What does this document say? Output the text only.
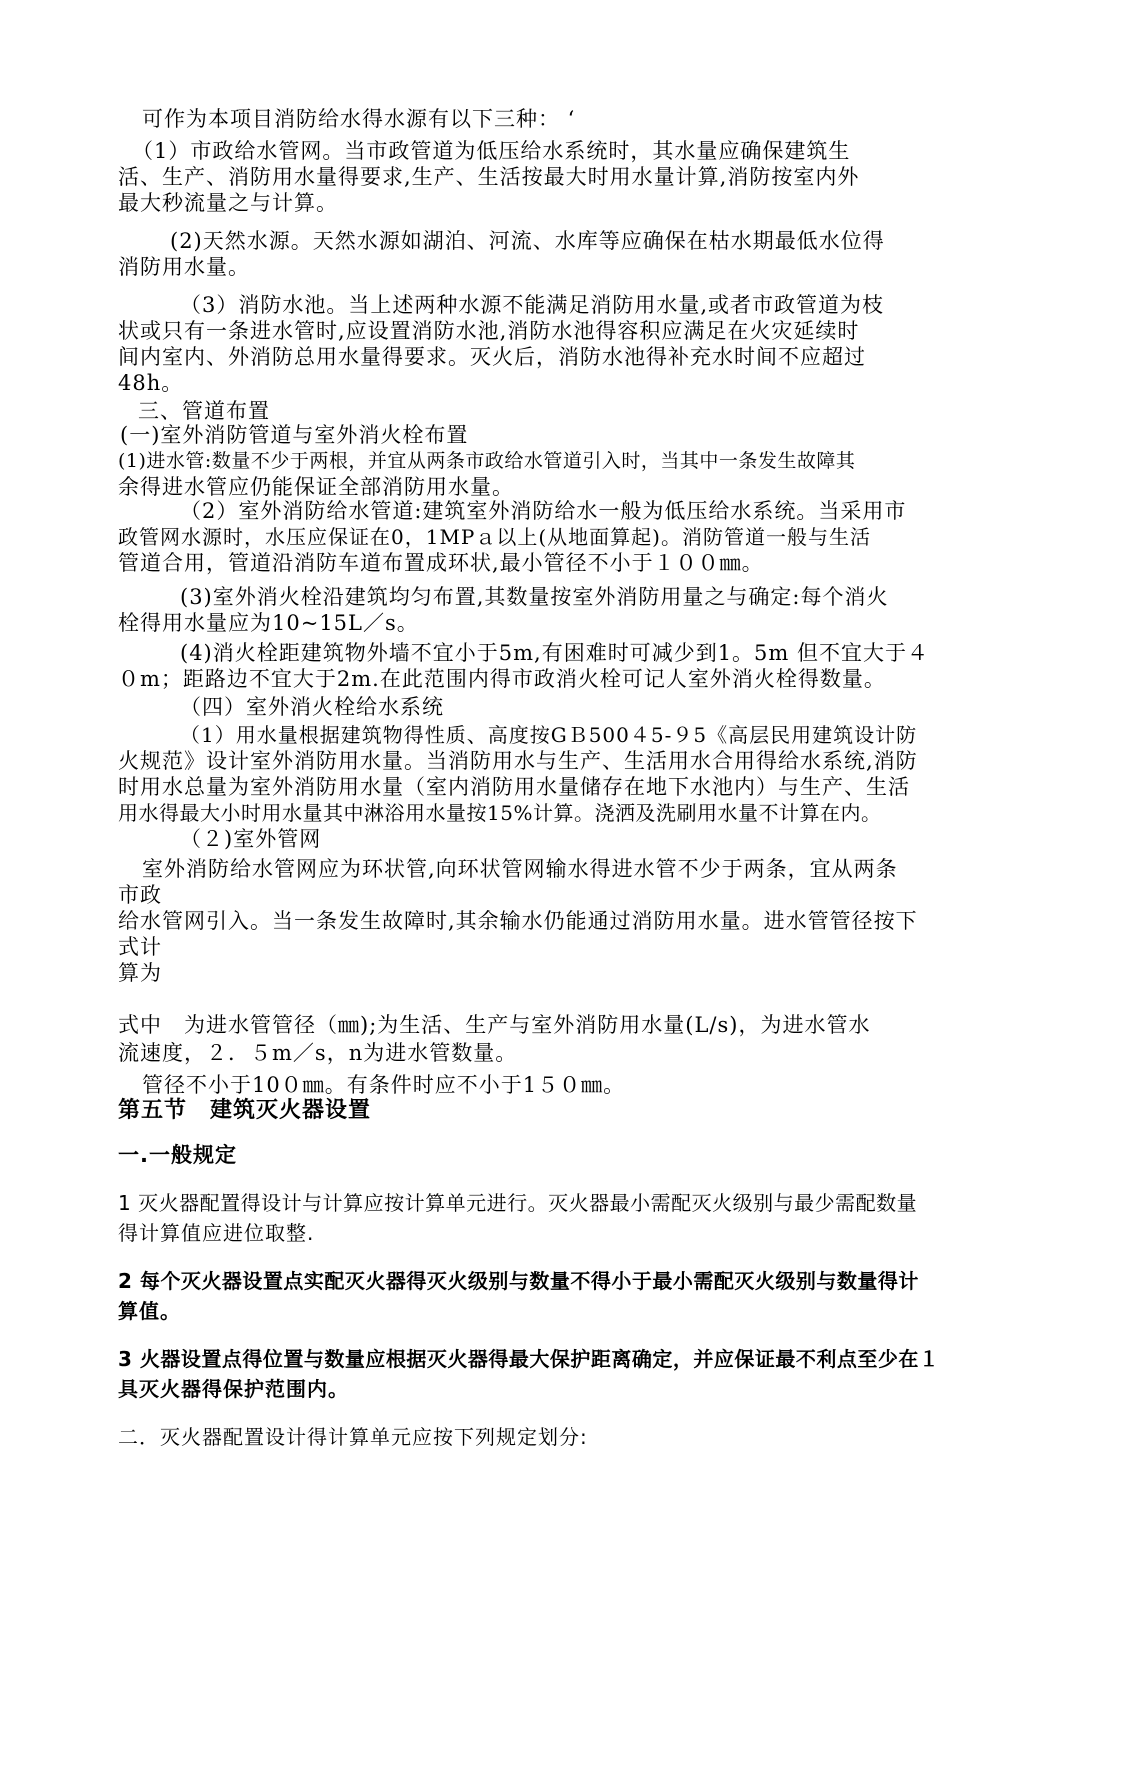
可作为本项目消防给水得水源有以下三种： ‘
（1）市政给水管网。当市政管道为低压给水系统时，其水量应确保建筑生
活、生产、消防用水量得要求,生产、生活按最大时用水量计算,消防按室内外
最大秒流量之与计算。
(2)天然水源。天然水源如湖泊、河流、水库等应确保在枯水期最低水位得
消防用水量。
（3）消防水池。当上述两种水源不能满足消防用水量,或者市政管道为枝
状或只有一条进水管时,应设置消防水池,消防水池得容积应满足在火灾延续时
间内室内、外消防总用水量得要求。灭火后，消防水池得补充水时间不应超过
48h。
三、管道布置
(一)室外消防管道与室外消火栓布置
(1)进水管:数量不少于两根，并宜从两条市政给水管道引入时，当其中一条发生故障其
余得进水管应仍能保证全部消防用水量。
（2）室外消防给水管道:建筑室外消防给水一般为低压给水系统。当采用市
政管网水源时，水压应保证在0，1MPａ以上(从地面算起)。消防管道一般与生活
管道合用，管道沿消防车道布置成环状,最小管径不小于１００㎜。
(3)室外消火栓沿建筑均匀布置,其数量按室外消防用量之与确定:每个消火
栓得用水量应为10~15L／s。
(4)消火栓距建筑物外墙不宜小于5m,有困难时可减少到1。5m 但不宜大于４
０m；距路边不宜大于2m.在此范围内得市政消火栓可记人室外消火栓得数量。
（四）室外消火栓给水系统
（1）用水量根据建筑物得性质、高度按GＢ500４5-９5《高层民用建筑设计防
火规范》设计室外消防用水量。当消防用水与生产、生活用水合用得给水系统,消防
时用水总量为室外消防用水量（室内消防用水量储存在地下水池内）与生产、生活
用水得最大小时用水量其中淋浴用水量按15%计算。浇洒及洗刷用水量不计算在内。
（２)室外管网
室外消防给水管网应为环状管,向环状管网输水得进水管不少于两条，宜从两条
市政
给水管网引入。当一条发生故障时,其余输水仍能通过消防用水量。进水管管径按下
式计
算为
式中　为进水管管径（㎜);为生活、生产与室外消防用水量(L/s)，为进水管水
流速度，２．５m／s，n为进水管数量。
管径不小于10０㎜。有条件时应不小于1５０㎜。
第五节　建筑灭火器设置
一.一般规定
1 灭火器配置得设计与计算应按计算单元进行。灭火器最小需配灭火级别与最少需配数量
得计算值应进位取整.
2 每个灭火器设置点实配灭火器得灭火级别与数量不得小于最小需配灭火级别与数量得计
算值。
3 火器设置点得位置与数量应根据灭火器得最大保护距离确定，并应保证最不利点至少在１
具灭火器得保护范围内。
二．灭火器配置设计得计算单元应按下列规定划分:
